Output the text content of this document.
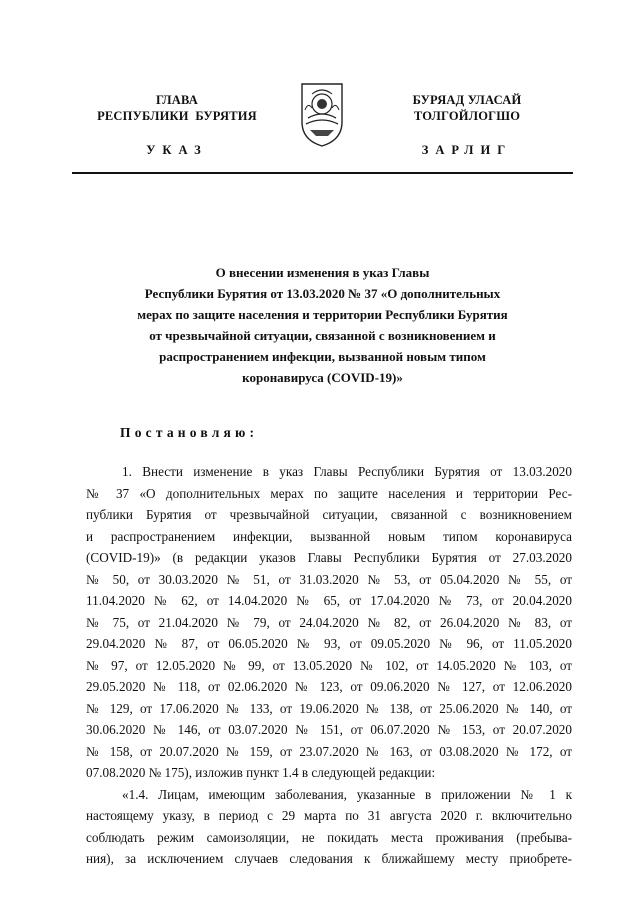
ГЛАВА
РЕСПУБЛИКИ  БУРЯТИЯ
БУРЯАД УЛАСАЙ
ТОЛГОЙЛОГШО
УКАЗ	ЗАРЛИГ
О внесении изменения в указ Главы
Республики Бурятия от 13.03.2020 № 37 «О дополнительных
мерах по защите населения и территории Республики Бурятия
от чрезвычайной ситуации, связанной с возникновением и
распространением инфекции, вызванной новым типом
коронавируса (COVID-19)»
Постановляю:
1. Внести изменение в указ Главы Республики Бурятия от 13.03.2020
№ 37 «О дополнительных мерах по защите населения и территории Рес-
публики Бурятия от чрезвычайной ситуации, связанной с возникновением
и распространением инфекции, вызванной новым типом коронавируса
(COVID-19)» (в редакции указов Главы Республики Бурятия от 27.03.2020
№ 50, от 30.03.2020 № 51, от 31.03.2020 № 53, от 05.04.2020 № 55, от
11.04.2020 № 62, от 14.04.2020 № 65, от 17.04.2020 № 73, от 20.04.2020
№ 75, от 21.04.2020 № 79, от 24.04.2020 № 82, от 26.04.2020 № 83, от
29.04.2020 № 87, от 06.05.2020 № 93, от 09.05.2020 № 96, от 11.05.2020
№ 97, от 12.05.2020 № 99, от 13.05.2020 № 102, от 14.05.2020 № 103, от
29.05.2020 № 118, от 02.06.2020 № 123, от 09.06.2020 № 127, от 12.06.2020
№ 129, от 17.06.2020 № 133, от 19.06.2020 № 138, от 25.06.2020 № 140, от
30.06.2020 № 146, от 03.07.2020 № 151, от 06.07.2020 № 153, от 20.07.2020
№ 158, от 20.07.2020 № 159, от 23.07.2020 № 163, от 03.08.2020 № 172, от
07.08.2020 № 175), изложив пункт 1.4 в следующей редакции:
«1.4. Лицам, имеющим заболевания, указанные в приложении № 1 к
настоящему указу, в период с 29 марта по 31 августа 2020 г. включительно
соблюдать режим самоизоляции, не покидать места проживания (пребыва-
ния), за исключением случаев следования к ближайшему месту приобрете-
